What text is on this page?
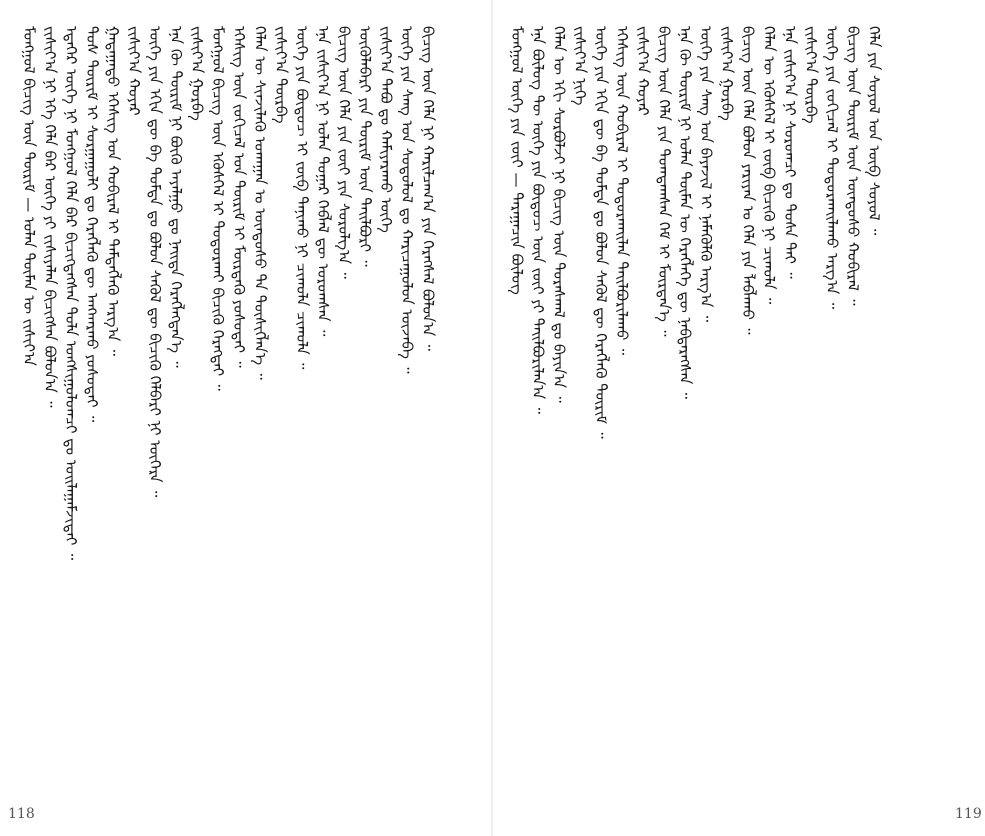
ᠮᠣᠩᠭᠣᠯ ᠪᠢᠴᠢᠭ ᠦᠨ ᠳᠦᠷᠢᠮ — ᠣᠯᠠᠨ ᠲᠦᠮᠡᠨ ᠦ ᠵᠢᠱᠢᠶ᠎ᠠ ᠵᠢᠱᠢᠶ᠎ᠠ ᠨᠢ ᠡᠬᠡ ᠬᠡᠯᠡ ᠪᠡᠷ ᠦᠭᠡ ᠶᠢ ᠵᠢᠱᠢᠶᠡᠯᠡᠨ ᠪᠢᠴᠢᠭᠰᠡᠨ ᠪᠣᠯᠤᠨ᠎ᠠ ᠃ ᠡᠳᠡᠭᠡᠷ ᠦᠭᠡ ᠨᠢ ᠮᠣᠩᠭᠣᠯ ᠬᠡᠯᠡ ᠪᠡᠷ ᠪᠢᠴᠢᠭᠳᠡᠭᠰᠡᠨ ᠲᠤᠯᠠ ᠤᠩᠰᠢᠭᠤᠯᠤᠭᠴᠢ ᠳᠤ ᠣᠢᠯᠠᠭᠠᠮᠵᠢᠲᠠᠢ ᠃ ᠲᠤᠰ ᠳᠦᠷᠢᠮ ᠢ ᠰᠤᠷᠭᠠᠭᠤᠯᠢ ᠳᠤ ᠬᠡᠷᠡᠭᠯᠡᠬᠦ ᠳᠦ ᠠᠩᠬᠠᠷᠬᠤ ᠶᠣᠰᠣᠲᠠᠢ ᠃ ᠭᠠᠳᠠᠭᠠᠳᠤ ᠡᠭᠡᠰᠢᠭ ᠤᠨ ᠬᠤᠪᠢᠷᠠᠯ ᠢ ᠲᠡᠮᠳᠡᠭᠯᠡᠬᠦ ᠠᠷᠭ᠎ᠠ ᠃ ᠵᠢᠱᠢᠶ᠎ᠠ ᠬᠣᠶᠠᠷ ᠦᠭᠡ ᠶᠢᠨ ᠡᠬᠢᠨ ᠳᠦ ᠪᠠ ᠳᠤᠮᠳᠠ ᠳᠤ ᠪᠣᠯᠤᠨ ᠰᠡᠭᠦᠯ ᠳᠦ ᠪᠢᠴᠢᠬᠦ ᠬᠡᠯᠪᠡᠷᠢ ᠨᠢ ᠦᠭᠡᠷᠡ ᠃ ᠡᠨᠡ ᠬᠦ ᠳᠦᠷᠢᠮ ᠨᠢ ᠪᠦᠬᠦ ᠠᠶᠠᠯᠭᠤ ᠳᠤ ᠨᠡᠢᠲᠡ ᠬᠡᠷᠡᠭᠯᠡᠭᠳᠡᠨ᠎ᠡ ᠃ ᠵᠢᠱᠢᠶ᠎ᠠ ᠭᠤᠷᠪᠠ ᠮᠣᠩᠭᠣᠯ ᠪᠢᠴᠢᠭ ᠦᠨ ᠡᠭᠦᠰᠬᠡᠯ ᠢ ᠲᠣᠳᠣᠷᠬᠠᠢ ᠪᠢᠴᠢᠬᠦ ᠬᠡᠷᠡᠭᠲᠡᠢ ᠃ ᠡᠭᠡᠰᠢᠭ ᠦᠨ ᠵᠣᠬᠢᠴᠠᠯ ᠤᠨ ᠳᠦᠷᠢᠮ ᠢ ᠮᠦᠷᠳᠡᠬᠦ ᠶᠣᠰᠣᠲᠠᠢ ᠃ ᠬᠡᠯᠡᠨ ᠦ ᠰᠢᠨᠵᠢᠯᠡᠬᠦ ᠤᠬᠠᠭᠠᠨ ᠤ ᠦᠨᠳᠦᠰᠦ ᠲᠡ ᠲᠦᠰᠢᠭᠯᠡᠨ᠎ᠡ ᠃ ᠵᠢᠱᠢᠶ᠎ᠠ ᠳᠥᠷᠪᠡ ᠦᠭᠡ ᠶᠢᠨ ᠪᠦᠲᠦᠴ ᠢ ᠵᠥᠪ ᠲᠠᠨᠢᠬᠤ ᠨᠢ ᠴᠢᠬᠤᠯᠠ ᠴᠢᠬᠤᠯᠠ ᠃ ᠡᠨᠡ ᠵᠢᠱᠢᠶ᠎ᠠ ᠨᠢ ᠣᠯᠠᠨ ᠳᠤᠭᠠᠷ ᠬᠡᠪᠯᠡᠯ ᠳᠦ ᠣᠷᠣᠭᠰᠠᠨ ᠃ ᠪᠢᠴᠢᠭ ᠦᠨ ᠬᠡᠯᠡ ᠶᠢᠨ ᠵᠦᠢ ᠶᠢᠨ ᠰᠤᠷᠤᠯᠭ᠎ᠠ ᠃ ᠦᠭᠦᠯᠡᠪᠡᠷᠢ ᠶᠢᠨ ᠳᠦᠷᠢᠮ ᠦᠨ ᠲᠠᠢᠯᠪᠤᠷᠢ ᠃ ᠵᠢᠱᠢᠶ᠎ᠠ ᠲᠠᠪᠤ ᠳᠤ ᠬᠠᠮᠢᠶᠠᠷᠠᠬᠤ ᠦᠭᠡ ᠦᠭᠡ ᠶᠢᠨ ᠰᠠᠩ ᠤᠨ ᠰᠤᠳᠤᠯᠤᠯ ᠳᠤ ᠬᠠᠷᠢᠴᠠᠭᠤᠯᠤᠨ ᠦᠵᠡᠪᠡ ᠃ ᠪᠢᠴᠢᠭ ᠦᠨ ᠬᠡᠯᠡ ᠨᠢ ᠬᠠᠷᠢᠯᠴᠠᠭ᠎ᠠ ᠶᠢᠨ ᠬᠡᠷᠡᠭᠰᠡᠯ ᠪᠣᠯᠤᠨ᠎ᠠ ᠃
118
ᠮᠣᠩᠭᠣᠯ ᠦᠭᠡ ᠶᠢᠨ ᠵᠦᠢ — ᠳᠠᠷᠠᠭᠠᠴᠢᠨ ᠪᠦᠯᠦᠭ ᠡᠨᠡ ᠪᠦᠯᠦᠭ ᠲᠦ ᠦᠭᠡ ᠶᠢᠨ ᠪᠦᠲᠦᠴ ᠦᠨ ᠵᠦᠢ ᠶᠢ ᠲᠠᠢᠯᠪᠤᠷᠢᠯᠠᠨ᠎ᠠ ᠃ ᠬᠡᠯᠡᠨ ᠦ ᠡᠬᠢ ᠰᠤᠷᠪᠤᠯᠵᠢ ᠨᠢ ᠪᠢᠴᠢᠭ ᠦᠨ ᠳᠤᠷᠠᠰᠬᠠᠯ ᠳᠤ ᠪᠠᠶᠢᠨ᠎ᠠ ᠃ ᠵᠢᠱᠢᠶ᠎ᠠ ᠨᠢᠭᠡ ᠦᠭᠡ ᠶᠢᠨ ᠡᠬᠢᠨ ᠳᠦ ᠪᠠ ᠳᠤᠮᠳᠠ ᠳᠤ ᠪᠣᠯᠤᠨ ᠰᠡᠭᠦᠯ ᠳᠦ ᠬᠡᠷᠡᠭᠯᠡᠬᠦ ᠳᠦᠷᠢᠮ ᠃ ᠡᠭᠡᠰᠢᠭ ᠦᠨ ᠬᠤᠪᠢᠷᠠᠯ ᠢ ᠲᠣᠳᠣᠷᠬᠠᠢᠯᠠᠨ ᠲᠠᠢᠯᠪᠤᠷᠢᠯᠠᠬᠤ ᠃ ᠵᠢᠱᠢᠶ᠎ᠠ ᠬᠣᠶᠠᠷ ᠪᠢᠴᠢᠭ ᠦᠨ ᠬᠡᠯᠡ ᠶᠢᠨ ᠲᠣᠭᠲᠠᠭᠰᠠᠨ ᠬᠡᠮ ᠢ ᠮᠦᠷᠳᠡᠨ᠎ᠡ ᠃ ᠡᠨᠡ ᠬᠦ ᠳᠦᠷᠢᠮ ᠨᠢ ᠣᠯᠠᠨ ᠲᠦᠮᠡᠨ ᠦ ᠬᠡᠷᠡᠭᠯᠡᠭᠡ ᠳᠦ ᠨᠡᠪᠲᠡᠷᠡᠭᠰᠡᠨ ᠃ ᠦᠭᠡ ᠶᠢᠨ ᠰᠠᠩ ᠤᠨ ᠪᠠᠶᠠᠵᠢᠯ ᠢ ᠨᠡᠮᠡᠭᠦᠯᠬᠦ ᠠᠷᠭ᠎ᠠ ᠃ ᠵᠢᠱᠢᠶ᠎ᠠ ᠭᠤᠷᠪᠠ ᠪᠢᠴᠢᠭ ᠦᠨ ᠬᠡᠯᠡ ᠪᠣᠯᠤᠨ ᠶᠠᠷᠢᠶᠠᠨ ᠤ ᠬᠡᠯᠡ ᠶᠢᠨ ᠯᠠᠪᠯᠠᠬᠤ ᠃ ᠬᠡᠯᠡᠨ ᠦ ᠡᠭᠦᠰᠬᠡᠯ ᠢ ᠵᠥᠪ ᠪᠢᠴᠢᠬᠦ ᠨᠢ ᠴᠢᠬᠤᠯᠠ ᠃ ᠡᠨᠡ ᠵᠢᠱᠢᠶ᠎ᠠ ᠨᠢ ᠰᠤᠷᠤᠭᠴᠢ ᠳᠤ ᠲᠤᠰᠠ ᠲᠠᠢ ᠃ ᠵᠢᠱᠢᠶ᠎ᠠ ᠳᠥᠷᠪᠡ ᠦᠭᠡ ᠶᠢᠨ ᠵᠣᠬᠢᠴᠠᠯ ᠢ ᠲᠣᠳᠣᠷᠬᠠᠢᠯᠠᠬᠤ ᠠᠷᠭ᠎ᠠ ᠃ ᠪᠢᠴᠢᠭ ᠦᠨ ᠳᠦᠷᠢᠮ ᠦᠨ ᠦᠨᠳᠦᠰᠦ ᠬᠤᠪᠢᠷᠠᠯ ᠃ ᠬᠡᠯᠡ ᠶᠢᠨ ᠰᠣᠶᠣᠯ ᠤᠨ ᠦᠪ ᠰᠣᠶᠣᠯ ᠃
119
